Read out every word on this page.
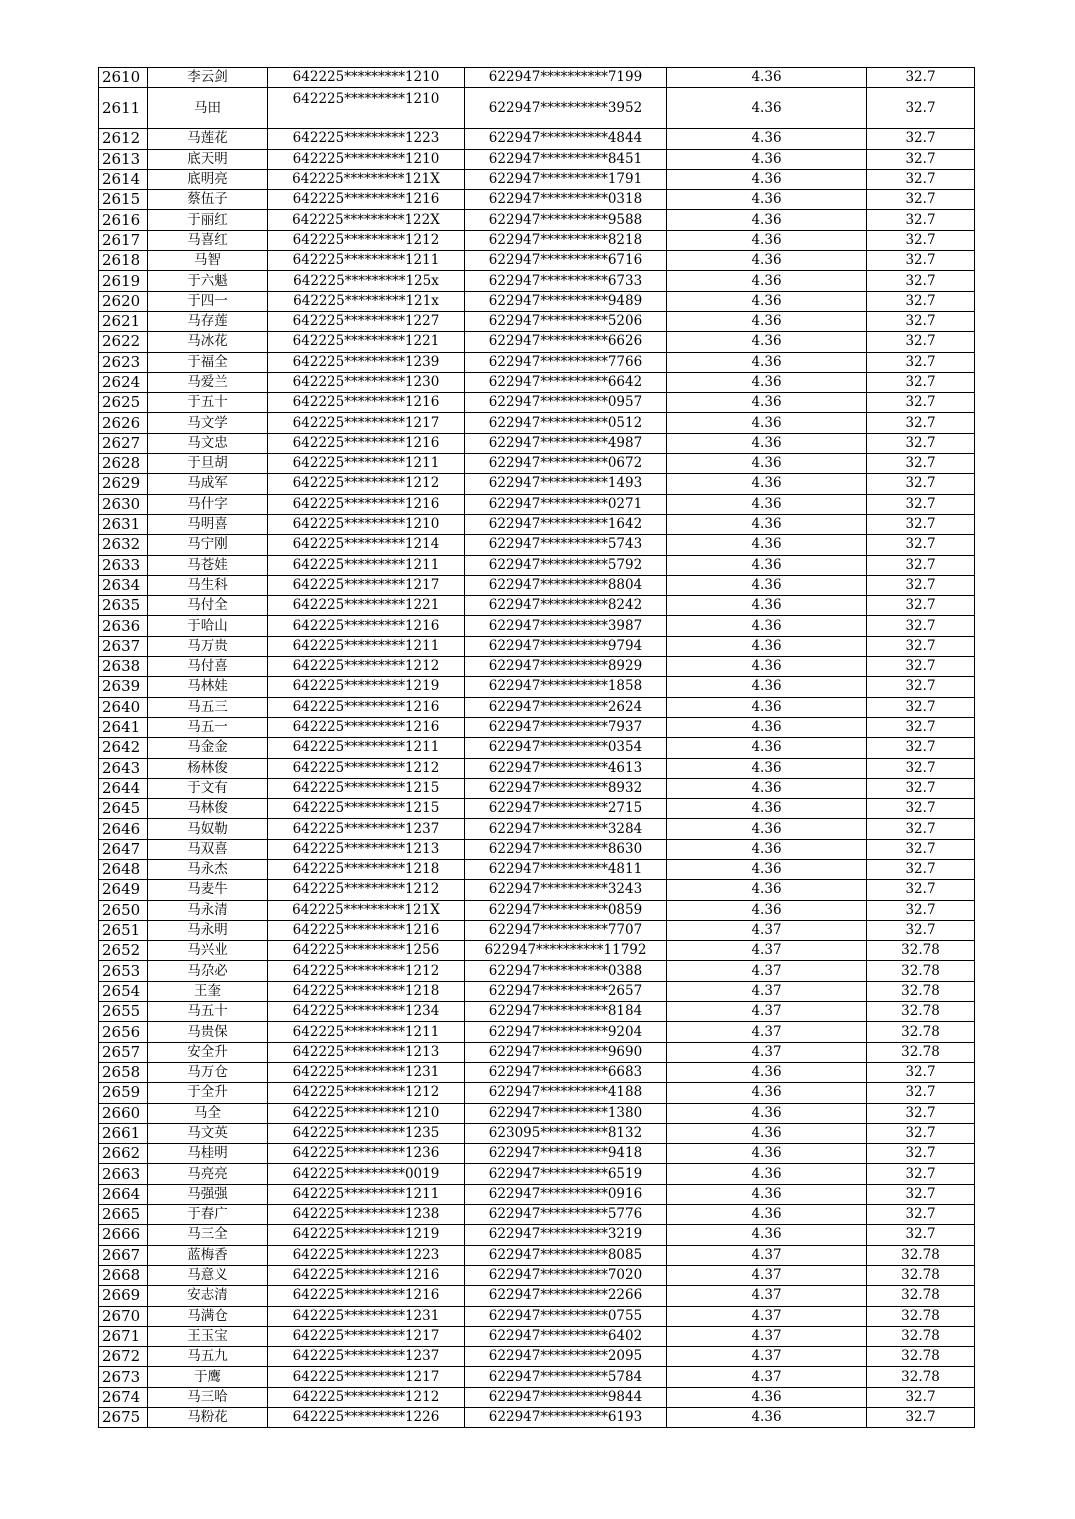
2610	李云剑	642225*********1210	622947**********7199	4.36	32.7
2611	马田	642225*********1210	622947**********3952	4.36	32.7
2612	马莲花	642225*********1223	622947**********4844	4.36	32.7
2613	底天明	642225*********1210	622947**********8451	4.36	32.7
2614	底明亮	642225*********121X	622947**********1791	4.36	32.7
2615	蔡伍子	642225*********1216	622947**********0318	4.36	32.7
2616	于丽红	642225*********122X	622947**********9588	4.36	32.7
2617	马喜红	642225*********1212	622947**********8218	4.36	32.7
2618	马智	642225*********1211	622947**********6716	4.36	32.7
2619	于六魁	642225*********125x	622947**********6733	4.36	32.7
2620	于四一	642225*********121x	622947**********9489	4.36	32.7
2621	马存莲	642225*********1227	622947**********5206	4.36	32.7
2622	马冰花	642225*********1221	622947**********6626	4.36	32.7
2623	于福全	642225*********1239	622947**********7766	4.36	32.7
2624	马爱兰	642225*********1230	622947**********6642	4.36	32.7
2625	于五十	642225*********1216	622947**********0957	4.36	32.7
2626	马文学	642225*********1217	622947**********0512	4.36	32.7
2627	马文忠	642225*********1216	622947**********4987	4.36	32.7
2628	于旦胡	642225*********1211	622947**********0672	4.36	32.7
2629	马成军	642225*********1212	622947**********1493	4.36	32.7
2630	马什字	642225*********1216	622947**********0271	4.36	32.7
2631	马明喜	642225*********1210	622947**********1642	4.36	32.7
2632	马宁刚	642225*********1214	622947**********5743	4.36	32.7
2633	马苍娃	642225*********1211	622947**********5792	4.36	32.7
2634	马生科	642225*********1217	622947**********8804	4.36	32.7
2635	马付全	642225*********1221	622947**********8242	4.36	32.7
2636	于哈山	642225*********1216	622947**********3987	4.36	32.7
2637	马万贵	642225*********1211	622947**********9794	4.36	32.7
2638	马付喜	642225*********1212	622947**********8929	4.36	32.7
2639	马林娃	642225*********1219	622947**********1858	4.36	32.7
2640	马五三	642225*********1216	622947**********2624	4.36	32.7
2641	马五一	642225*********1216	622947**********7937	4.36	32.7
2642	马金金	642225*********1211	622947**********0354	4.36	32.7
2643	杨林俊	642225*********1212	622947**********4613	4.36	32.7
2644	于文有	642225*********1215	622947**********8932	4.36	32.7
2645	马林俊	642225*********1215	622947**********2715	4.36	32.7
2646	马奴勒	642225*********1237	622947**********3284	4.36	32.7
2647	马双喜	642225*********1213	622947**********8630	4.36	32.7
2648	马永杰	642225*********1218	622947**********4811	4.36	32.7
2649	马麦牛	642225*********1212	622947**********3243	4.36	32.7
2650	马永清	642225*********121X	622947**********0859	4.36	32.7
2651	马永明	642225*********1216	622947**********7707	4.37	32.7
2652	马兴业	642225*********1256	622947**********11792	4.37	32.78
2653	马尕必	642225*********1212	622947**********0388	4.37	32.78
2654	王奎	642225*********1218	622947**********2657	4.37	32.78
2655	马五十	642225*********1234	622947**********8184	4.37	32.78
2656	马贵保	642225*********1211	622947**********9204	4.37	32.78
2657	安全升	642225*********1213	622947**********9690	4.37	32.78
2658	马万仓	642225*********1231	622947**********6683	4.36	32.7
2659	于全升	642225*********1212	622947**********4188	4.36	32.7
2660	马全	642225*********1210	622947**********1380	4.36	32.7
2661	马文英	642225*********1235	623095**********8132	4.36	32.7
2662	马桂明	642225*********1236	622947**********9418	4.36	32.7
2663	马亮亮	642225*********0019	622947**********6519	4.36	32.7
2664	马强强	642225*********1211	622947**********0916	4.36	32.7
2665	于春广	642225*********1238	622947**********5776	4.36	32.7
2666	马三全	642225*********1219	622947**********3219	4.36	32.7
2667	蓝梅香	642225*********1223	622947**********8085	4.37	32.78
2668	马意义	642225*********1216	622947**********7020	4.37	32.78
2669	安志清	642225*********1216	622947**********2266	4.37	32.78
2670	马满仓	642225*********1231	622947**********0755	4.37	32.78
2671	王玉宝	642225*********1217	622947**********6402	4.37	32.78
2672	马五九	642225*********1237	622947**********2095	4.37	32.78
2673	于鹰	642225*********1217	622947**********5784	4.37	32.78
2674	马三哈	642225*********1212	622947**********9844	4.36	32.7
2675	马粉花	642225*********1226	622947**********6193	4.36	32.7
